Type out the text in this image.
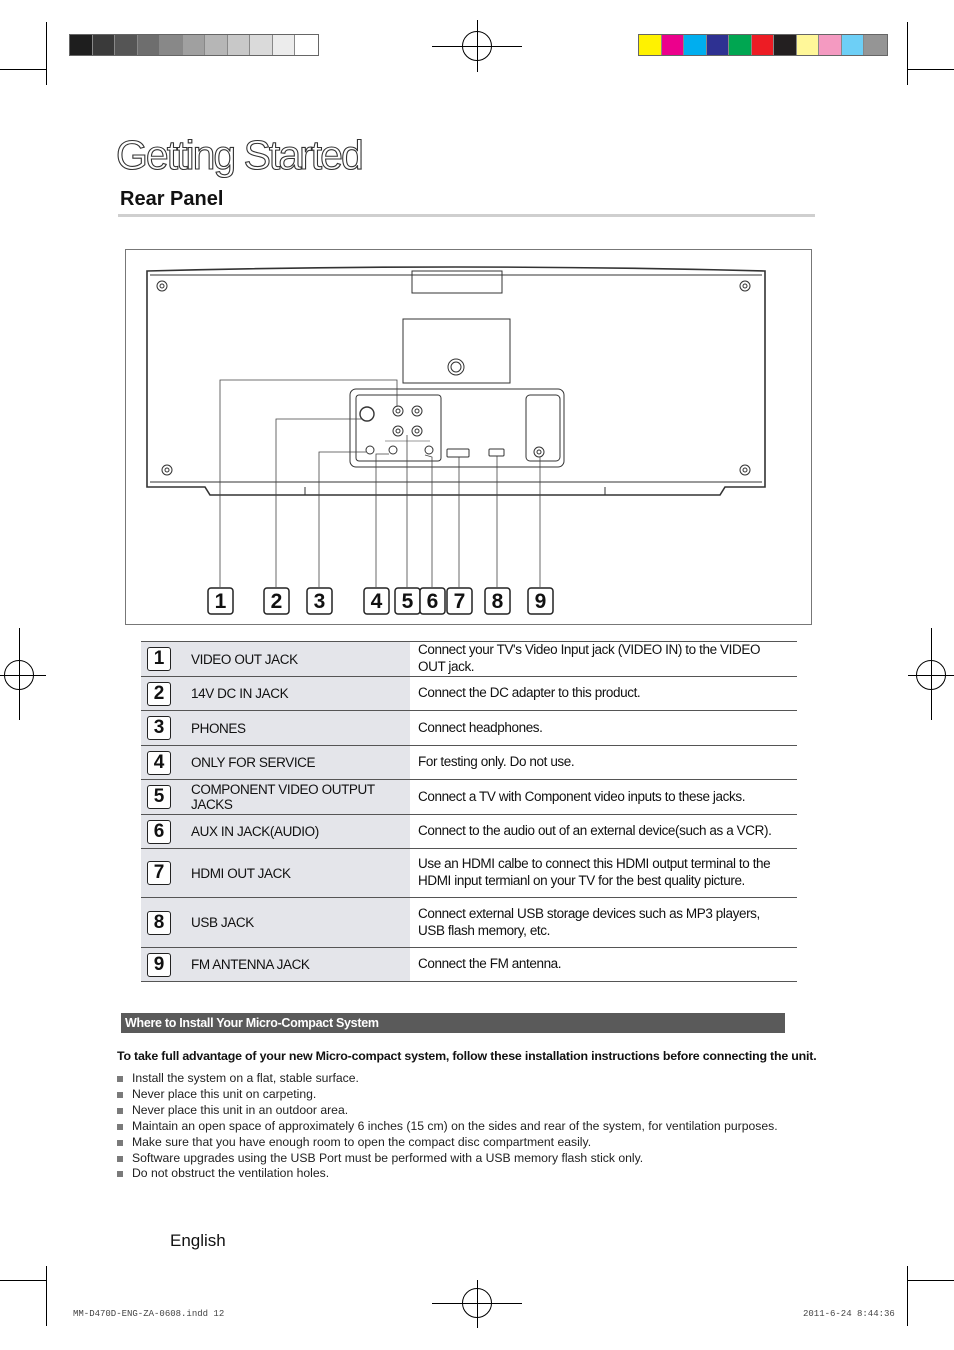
Getting Started
Rear Panel
1 2 3 4 5 6 7 8 9
1	VIDEO OUT JACK	Connect your TV's Video Input jack (VIDEO IN) to the VIDEO OUT jack.
2	14V DC IN JACK	Connect the DC adapter to this product.
3	PHONES	Connect headphones.
4	ONLY FOR SERVICE	For testing only. Do not use.
5	COMPONENT VIDEO OUTPUT JACKS	Connect a TV with Component video inputs to these jacks.
6	AUX IN JACK(AUDIO)	Connect to the audio out of an external device(such as a VCR).
7	HDMI OUT JACK	Use an HDMI calbe to connect this HDMI output terminal to the HDMI input termianl on your TV for the best quality picture.
8	USB JACK	Connect external USB storage devices such as MP3 players, USB flash memory, etc.
9	FM ANTENNA JACK	Connect the FM antenna.
Where to Install Your Micro-Compact System

To take full advantage of your new Micro-compact system, follow these installation instructions before connecting the unit.

Install the system on a flat, stable surface.
Never place this unit on carpeting.
Never place this unit in an outdoor area.
Maintain an open space of approximately 6 inches (15 cm) on the sides and rear of the system, for ventilation purposes.
Make sure that you have enough room to open the compact disc compartment easily.
Software upgrades using the USB Port must be performed with a USB memory flash stick only.
Do not obstruct the ventilation holes.
English
MM-D470D-ENG-ZA-0608.indd 12	2011-6-24 8:44:36
